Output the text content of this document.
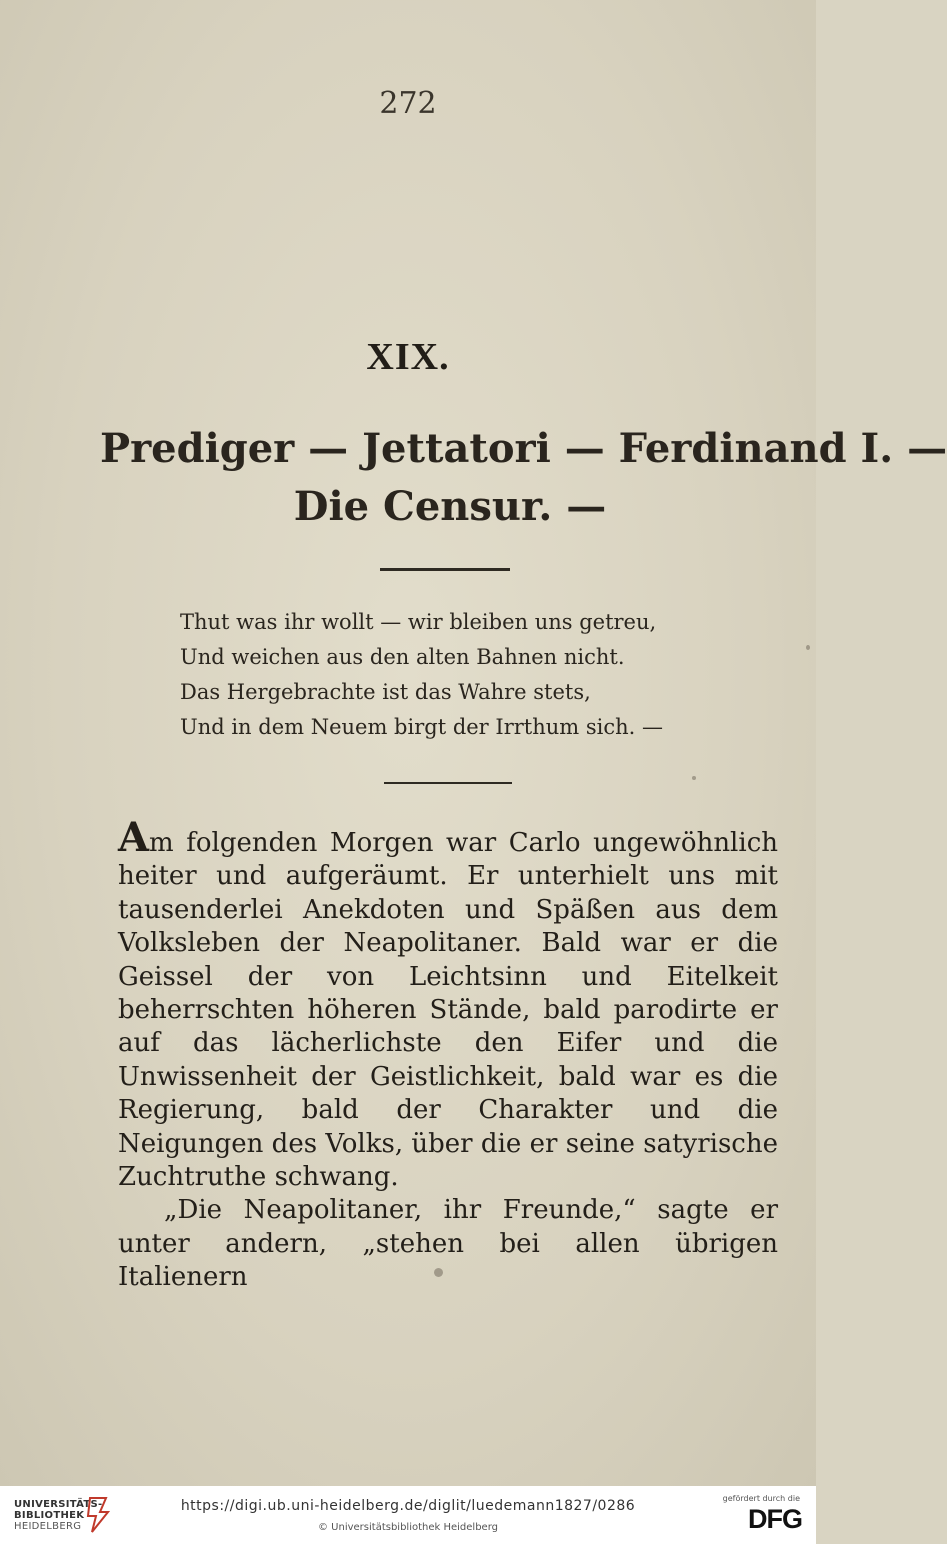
272
XIX.
Prediger — Jettatori — Ferdinand I. —
Die Censur. —
Thut was ihr wollt — wir bleiben uns getreu,
Und weichen aus den alten Bahnen nicht.
Das Hergebrachte ist das Wahre stets,
Und in dem Neuem birgt der Irrthum sich. —

Am folgenden Morgen war Carlo ungewöhnlich heiter und aufgeräumt. Er unterhielt uns mit tausenderlei Anekdoten und Späßen aus dem Volksleben der Neapolitaner. Bald war er die Geissel der von Leichtsinn und Eitelkeit beherrschten höheren Stände, bald parodirte er auf das lächerlichste den Eifer und die Unwissenheit der Geistlichkeit, bald war es die Regierung, bald der Charakter und die Neigungen des Volks, über die er seine satyrische Zuchtruthe schwang.

„Die Neapolitaner, ihr Freunde,“ sagte er unter andern, „stehen bei allen übrigen Italienern

UNIVERSITÄTS-
BIBLIOTHEK
HEIDELBERG
https://digi.ub.uni-heidelberg.de/diglit/luedemann1827/0286
© Universitätsbibliothek Heidelberg
gefördert durch die
DFG
